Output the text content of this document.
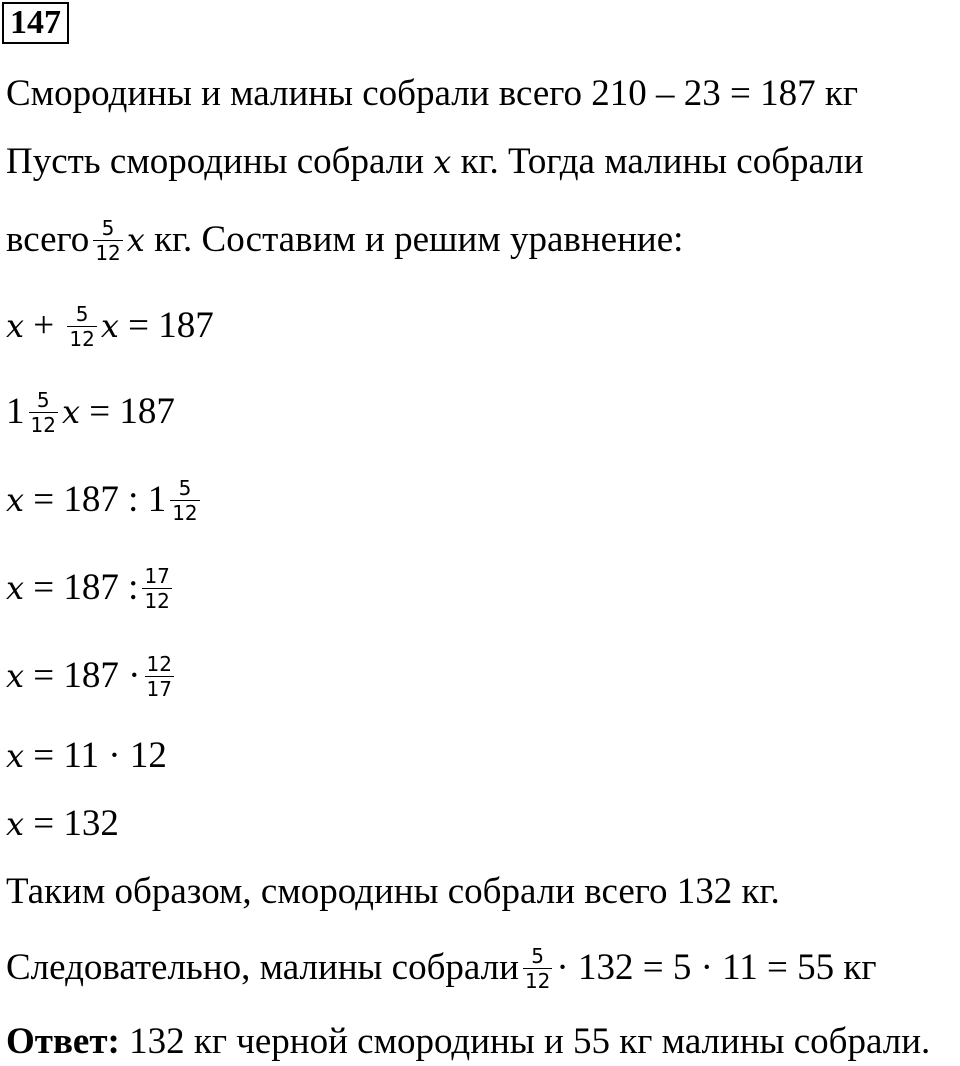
147
Смородины и малины собрали всего 210 – 23 = 187 кг
Пусть смородины собрали x кг. Тогда малины собрали
всего $\frac{5}{12}$ x кг. Составим и решим уравнение:
$x + \frac{5}{12}$ x = 187
$1 \frac{5}{12}$ x = 187
x = 187 : $1 \frac{5}{12}$
x = 187 : $\frac{17}{12}$
$x = 187 \cdot \frac{12}{17}$
x = 11 · 12
x = 132
Таким образом, смородины собрали всего 132 кг.
Следовательно, малины собрали $\frac{5}{12} \cdot 132 = 5 \cdot 11 = 55$ кг
Ответ: 132 кг черной смородины и 55 кг малины собрали.
